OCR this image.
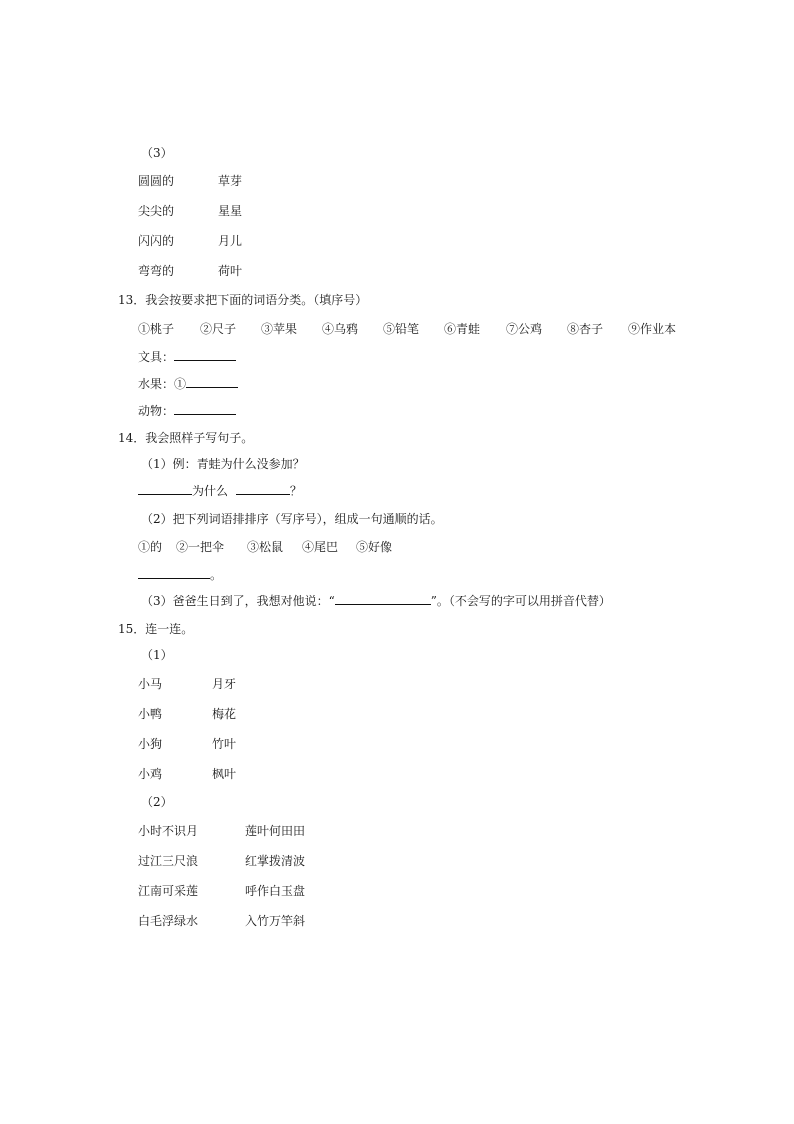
（3）
圆圆的	草芽
尖尖的	星星
闪闪的	月儿
弯弯的	荷叶
13．我会按要求把下面的词语分类。（填序号）
①桃子 ②尺子 ③苹果 ④乌鸦 ⑤铅笔 ⑥青蛙 ⑦公鸡 ⑧杏子 ⑨作业本
文具：
水果：①
动物：
14．我会照样子写句子。
（1）例：青蛙为什么没参加？
为什么	？
（2）把下列词语排排序（写序号），组成一句通顺的话。
①的 ②一把伞 ③松鼠 ④尾巴 ⑤好像
。
（3）爸爸生日到了，我想对他说：“	”。（不会写的字可以用拼音代替）
15．连一连。
（1）
小马	月牙
小鸭	梅花
小狗	竹叶
小鸡	枫叶
（2）
小时不识月	莲叶何田田
过江三尺浪	红掌拨清波
江南可采莲	呼作白玉盘
白毛浮绿水	入竹万竿斜
